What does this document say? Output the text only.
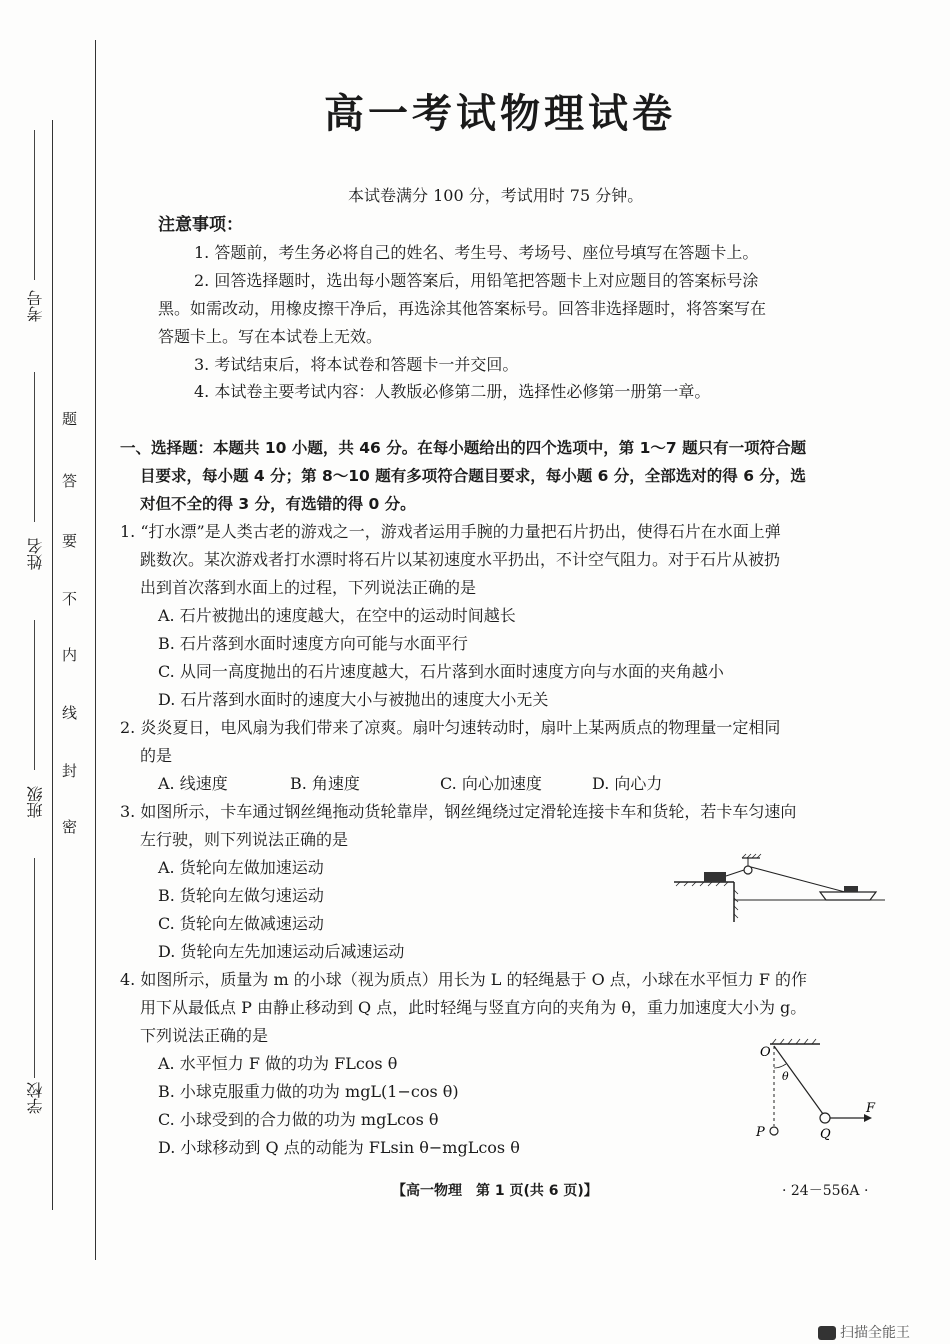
考号
姓名
班级
学校
题
答
要
不
内
线
封
密
高一考试物理试卷
本试卷满分 100 分，考试用时 75 分钟。
注意事项：
1. 答题前，考生务必将自己的姓名、考生号、考场号、座位号填写在答题卡上。
2. 回答选择题时，选出每小题答案后，用铅笔把答题卡上对应题目的答案标号涂
黑。如需改动，用橡皮擦干净后，再选涂其他答案标号。回答非选择题时，将答案写在
答题卡上。写在本试卷上无效。
3. 考试结束后，将本试卷和答题卡一并交回。
4. 本试卷主要考试内容：人教版必修第二册，选择性必修第一册第一章。
一、选择题：本题共 10 小题，共 46 分。在每小题给出的四个选项中，第 1～7 题只有一项符合题
目要求，每小题 4 分；第 8～10 题有多项符合题目要求，每小题 6 分，全部选对的得 6 分，选
对但不全的得 3 分，有选错的得 0 分。
1. “打水漂”是人类古老的游戏之一，游戏者运用手腕的力量把石片扔出，使得石片在水面上弹
跳数次。某次游戏者打水漂时将石片以某初速度水平扔出，不计空气阻力。对于石片从被扔
出到首次落到水面上的过程，下列说法正确的是
A. 石片被抛出的速度越大，在空中的运动时间越长
B. 石片落到水面时速度方向可能与水面平行
C. 从同一高度抛出的石片速度越大，石片落到水面时速度方向与水面的夹角越小
D. 石片落到水面时的速度大小与被抛出的速度大小无关
2. 炎炎夏日，电风扇为我们带来了凉爽。扇叶匀速转动时，扇叶上某两质点的物理量一定相同
的是
A. 线速度	B. 角速度	C. 向心加速度	D. 向心力
3. 如图所示，卡车通过钢丝绳拖动货轮靠岸，钢丝绳绕过定滑轮连接卡车和货轮，若卡车匀速向
左行驶，则下列说法正确的是
A. 货轮向左做加速运动
B. 货轮向左做匀速运动
C. 货轮向左做减速运动
D. 货轮向左先加速运动后减速运动
4. 如图所示，质量为 m 的小球（视为质点）用长为 L 的轻绳悬于 O 点，小球在水平恒力 F 的作
用下从最低点 P 由静止移动到 Q 点，此时轻绳与竖直方向的夹角为 θ，重力加速度大小为 g。
下列说法正确的是
A. 水平恒力 F 做的功为 FLcos θ
B. 小球克服重力做的功为 mgL(1−cos θ)
C. 小球受到的合力做的功为 mgLcos θ
D. 小球移动到 Q 点的动能为 FLsin θ−mgLcos θ
O
θ
P	Q
F
【高一物理　第 1 页(共 6 页)】	· 24－556A ·
扫描全能王
